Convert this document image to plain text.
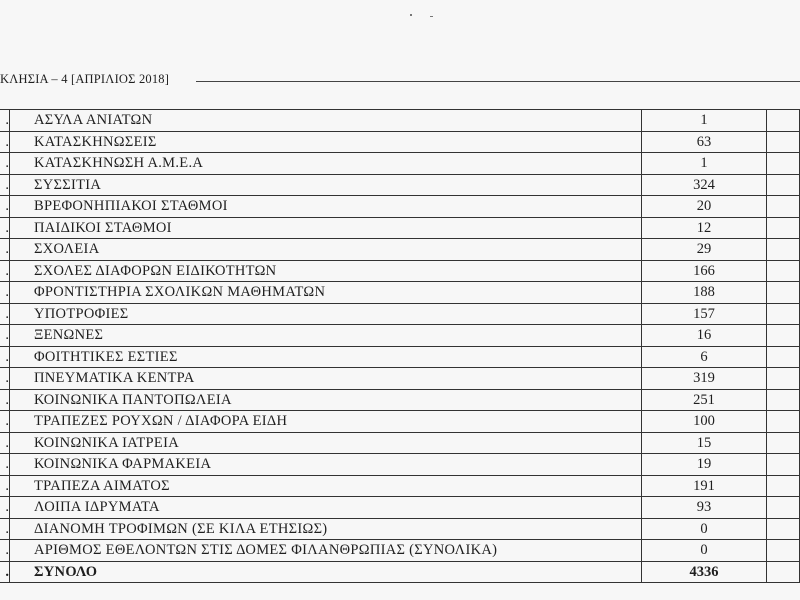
ΚΛΗΣΙΑ – 4 [ΑΠΡΙΛΙΟΣ 2018]
.	ΑΣΥΛΑ ΑΝΙΑΤΩΝ	1	
.	ΚΑΤΑΣΚΗΝΩΣΕΙΣ	63	
.	ΚΑΤΑΣΚΗΝΩΣΗ Α.Μ.Ε.Α	1	
.	ΣΥΣΣΙΤΙΑ	324	
.	ΒΡΕΦΟΝΗΠΙΑΚΟΙ ΣΤΑΘΜΟΙ	20	
.	ΠΑΙΔΙΚΟΙ ΣΤΑΘΜΟΙ	12	
.	ΣΧΟΛΕΙΑ	29	
.	ΣΧΟΛΕΣ ΔΙΑΦΟΡΩΝ ΕΙΔΙΚΟΤΗΤΩΝ	166	
.	ΦΡΟΝΤΙΣΤΗΡΙΑ ΣΧΟΛΙΚΩΝ ΜΑΘΗΜΑΤΩΝ	188	
.	ΥΠΟΤΡΟΦΙΕΣ	157	
.	ΞΕΝΩΝΕΣ	16	
.	ΦΟΙΤΗΤΙΚΕΣ ΕΣΤΙΕΣ	6	
.	ΠΝΕΥΜΑΤΙΚΑ ΚΕΝΤΡΑ	319	
.	ΚΟΙΝΩΝΙΚΑ ΠΑΝΤΟΠΩΛΕΙΑ	251	
.	ΤΡΑΠΕΖΕΣ ΡΟΥΧΩΝ / ΔΙΑΦΟΡΑ ΕΙΔΗ	100	
.	ΚΟΙΝΩΝΙΚΑ ΙΑΤΡΕΙΑ	15	
.	ΚΟΙΝΩΝΙΚΑ ΦΑΡΜΑΚΕΙΑ	19	
.	ΤΡΑΠΕΖΑ ΑΙΜΑΤΟΣ	191	
.	ΛΟΙΠΑ ΙΔΡΥΜΑΤΑ	93	
.	ΔΙΑΝΟΜΗ ΤΡΟΦΙΜΩΝ (ΣΕ ΚΙΛΑ ΕΤΗΣΙΩΣ)	0	
.	ΑΡΙΘΜΟΣ ΕΘΕΛΟΝΤΩΝ ΣΤΙΣ ΔΟΜΕΣ ΦΙΛΑΝΘΡΩΠΙΑΣ (ΣΥΝΟΛΙΚΑ)	0	
.	ΣΥΝΟΛΟ	4336	
